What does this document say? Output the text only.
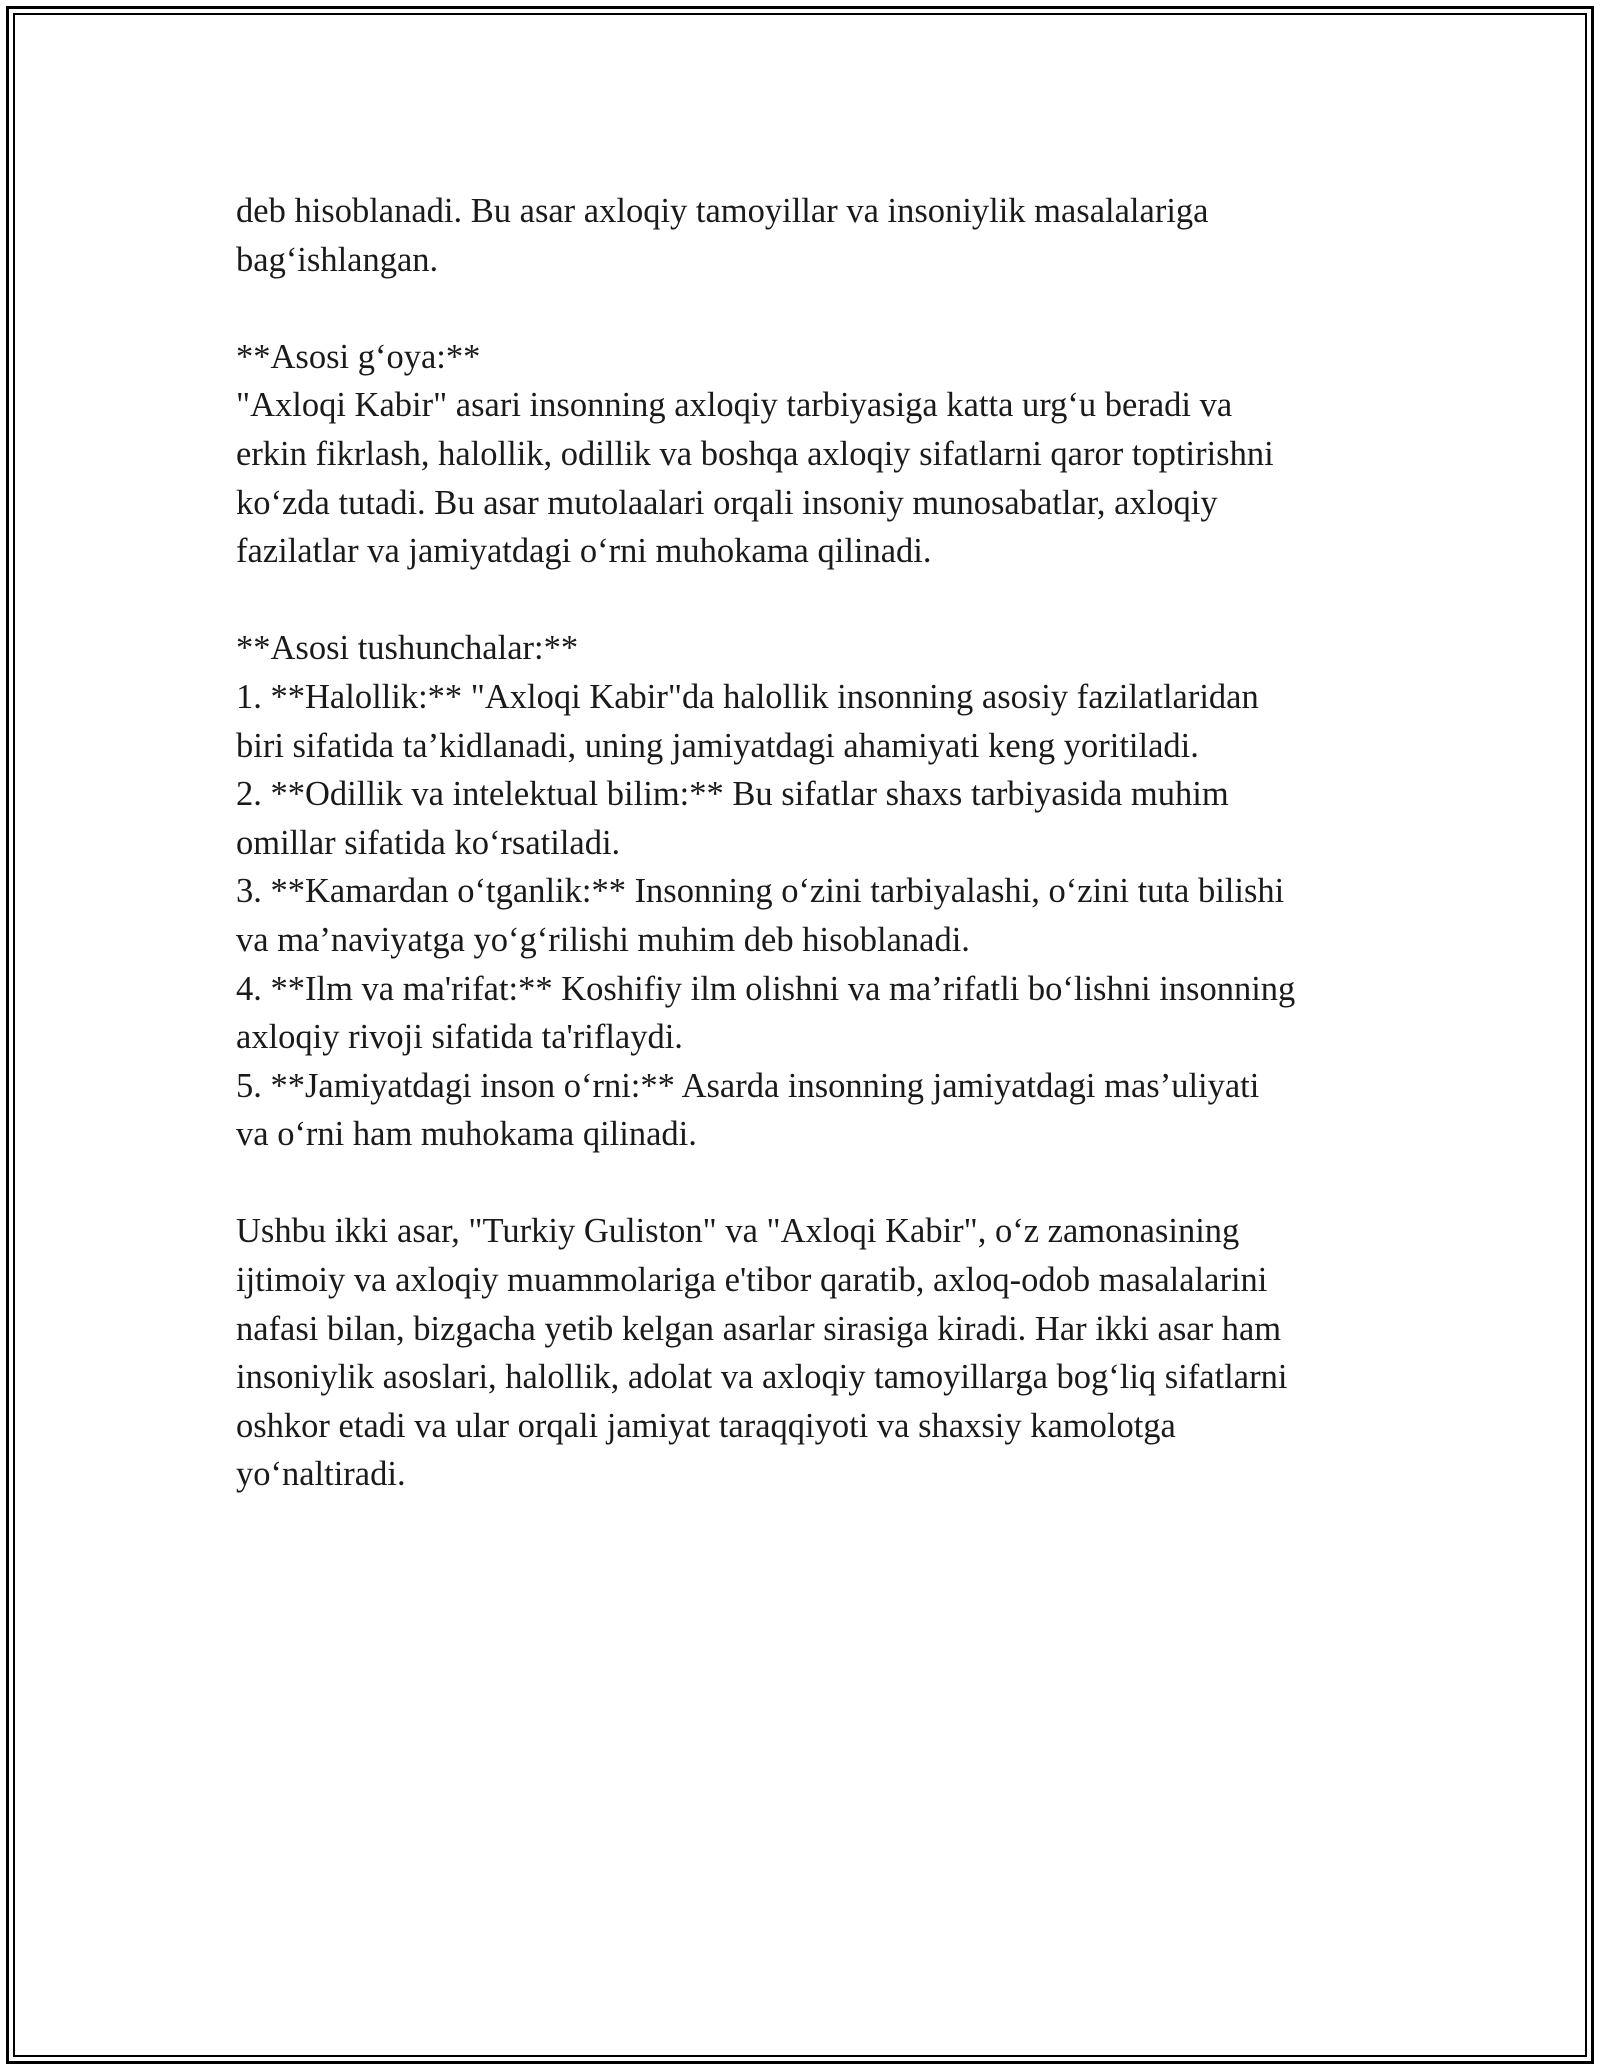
deb hisoblanadi. Bu asar axloqiy tamoyillar va insoniylik masalalariga
bag‘ishlangan.
**Asosi g‘oya:**
"Axloqi Kabir" asari insonning axloqiy tarbiyasiga katta urg‘u beradi va
erkin fikrlash, halollik, odillik va boshqa axloqiy sifatlarni qaror toptirishni
ko‘zda tutadi. Bu asar mutolaalari orqali insoniy munosabatlar, axloqiy
fazilatlar va jamiyatdagi o‘rni muhokama qilinadi.
**Asosi tushunchalar:**
1. **Halollik:** "Axloqi Kabir"da halollik insonning asosiy fazilatlaridan
biri sifatida ta’kidlanadi, uning jamiyatdagi ahamiyati keng yoritiladi.
2. **Odillik va intelektual bilim:** Bu sifatlar shaxs tarbiyasida muhim
omillar sifatida ko‘rsatiladi.
3. **Kamardan o‘tganlik:** Insonning o‘zini tarbiyalashi, o‘zini tuta bilishi
va ma’naviyatga yo‘g‘rilishi muhim deb hisoblanadi.
4. **Ilm va ma'rifat:** Koshifiy ilm olishni va ma’rifatli bo‘lishni insonning
axloqiy rivoji sifatida ta'riflaydi.
5. **Jamiyatdagi inson o‘rni:** Asarda insonning jamiyatdagi mas’uliyati
va o‘rni ham muhokama qilinadi.
Ushbu ikki asar, "Turkiy Guliston" va "Axloqi Kabir", o‘z zamonasining
ijtimoiy va axloqiy muammolariga e'tibor qaratib, axloq-odob masalalarini
nafasi bilan, bizgacha yetib kelgan asarlar sirasiga kiradi. Har ikki asar ham
insoniylik asoslari, halollik, adolat va axloqiy tamoyillarga bog‘liq sifatlarni
oshkor etadi va ular orqali jamiyat taraqqiyoti va shaxsiy kamolotga
yo‘naltiradi.
